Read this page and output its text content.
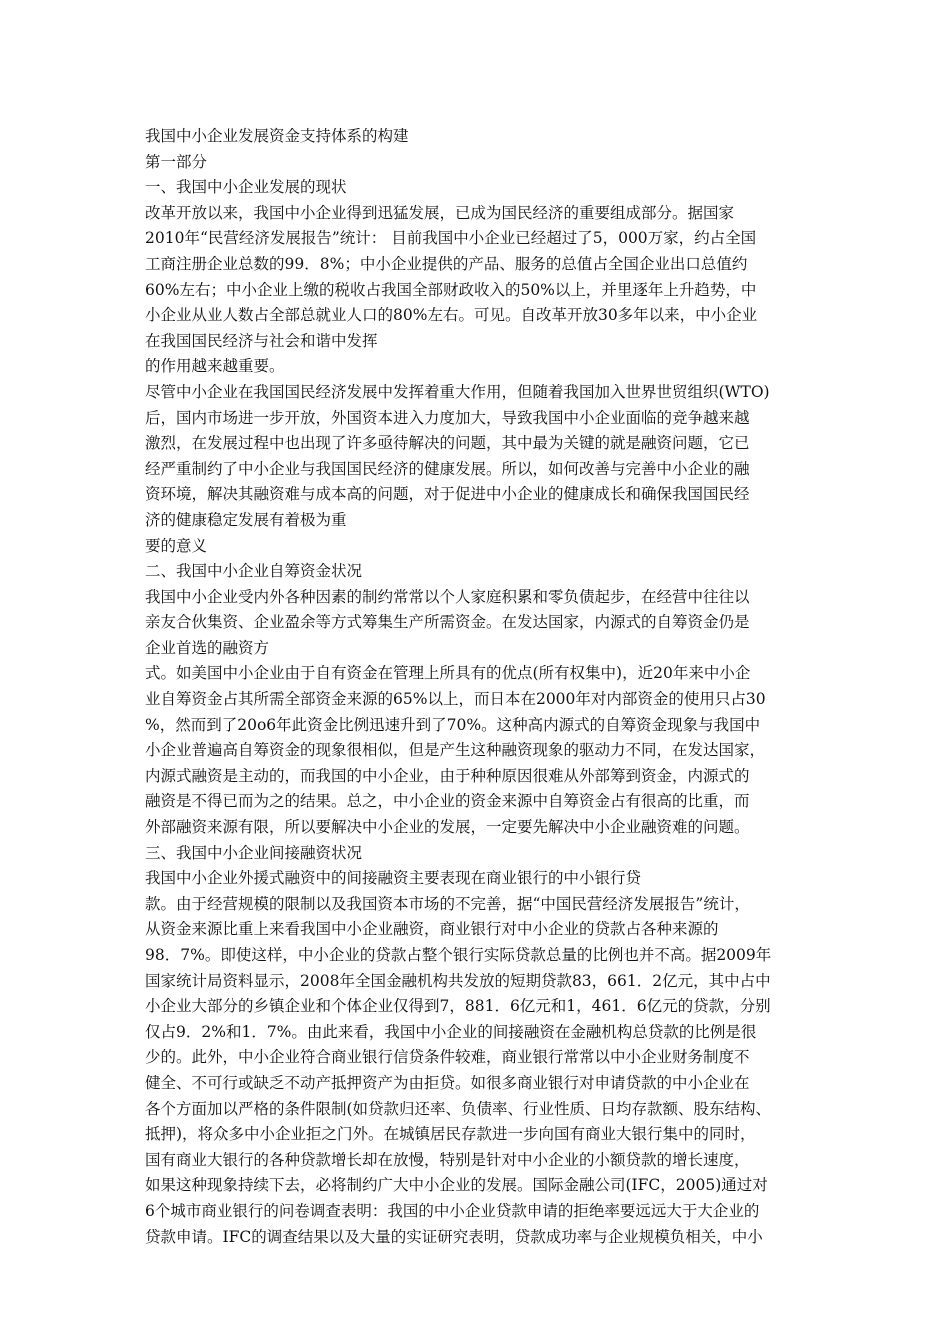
我国中小企业发展资金支持体系的构建
第一部分
一、我国中小企业发展的现状
改革开放以来，我国中小企业得到迅猛发展，已成为国民经济的重要组成部分。据国家
2010年“民营经济发展报告”统计： 目前我国中小企业已经超过了5，000万家，约占全国
工商注册企业总数的99．8%；中小企业提供的产品、服务的总值占全国企业出口总值约
60%左右；中小企业上缴的税收占我国全部财政收入的50%以上，并里逐年上升趋势，中
小企业从业人数占全部总就业人口的80%左右。可见。自改革开放30多年以来，中小企业
在我国国民经济与社会和谐中发挥
的作用越来越重要。
尽管中小企业在我国国民经济发展中发挥着重大作用，但随着我国加入世界世贸组织(WTO)
后，国内市场进一步开放，外国资本进入力度加大，导致我国中小企业面临的竞争越来越
激烈，在发展过程中也出现了许多亟待解决的问题，其中最为关键的就是融资问题，它已
经严重制约了中小企业与我国国民经济的健康发展。所以，如何改善与完善中小企业的融
资环境，解决其融资难与成本高的问题，对于促进中小企业的健康成长和确保我国国民经
济的健康稳定发展有着极为重
要的意义
二、我国中小企业自筹资金状况
我国中小企业受内外各种因素的制约常常以个人家庭积累和零负债起步，在经营中往往以
亲友合伙集资、企业盈余等方式筹集生产所需资金。在发达国家，内源式的自筹资金仍是
企业首选的融资方
式。如美国中小企业由于自有资金在管理上所具有的优点(所有权集中)，近20年来中小企
业自筹资金占其所需全部资金来源的65%以上，而日本在2000年对内部资金的使用只占30
%，然而到了20o6年此资金比例迅速升到了70%。这种高内源式的自筹资金现象与我国中
小企业普遍高自筹资金的现象很相似，但是产生这种融资现象的驱动力不同，在发达国家，
内源式融资是主动的，而我国的中小企业，由于种种原因很难从外部筹到资金，内源式的
融资是不得已而为之的结果。总之，中小企业的资金来源中自筹资金占有很高的比重，而
外部融资来源有限，所以要解决中小企业的发展，一定要先解决中小企业融资难的问题。
三、我国中小企业间接融资状况
我国中小企业外援式融资中的间接融资主要表现在商业银行的中小银行贷
款。由于经营规模的限制以及我国资本市场的不完善，据“中国民营经济发展报告”统计，
从资金来源比重上来看我国中小企业融资，商业银行对中小企业的贷款占各种来源的
98．7%。即使这样，中小企业的贷款占整个银行实际贷款总量的比例也并不高。据2009年
国家统计局资料显示，2008年全国金融机构共发放的短期贷款83，661．2亿元，其中占中
小企业大部分的乡镇企业和个体企业仅得到7，881．6亿元和1，461．6亿元的贷款，分别
仅占9．2%和1．7%。由此来看，我国中小企业的间接融资在金融机构总贷款的比例是很
少的。此外，中小企业符合商业银行信贷条件较难，商业银行常常以中小企业财务制度不
健全、不可行或缺乏不动产抵押资产为由拒贷。如很多商业银行对申请贷款的中小企业在
各个方面加以严格的条件限制(如贷款归还率、负债率、行业性质、日均存款额、股东结构、
抵押)，将众多中小企业拒之门外。在城镇居民存款进一步向国有商业大银行集中的同时，
国有商业大银行的各种贷款增长却在放慢，特别是针对中小企业的小额贷款的增长速度，
如果这种现象持续下去，必将制约广大中小企业的发展。国际金融公司(IFC，2005)通过对
6个城市商业银行的问卷调查表明：我国的中小企业贷款申请的拒绝率要远远大于大企业的
贷款申请。IFC的调查结果以及大量的实证研究表明，贷款成功率与企业规模负相关，中小
